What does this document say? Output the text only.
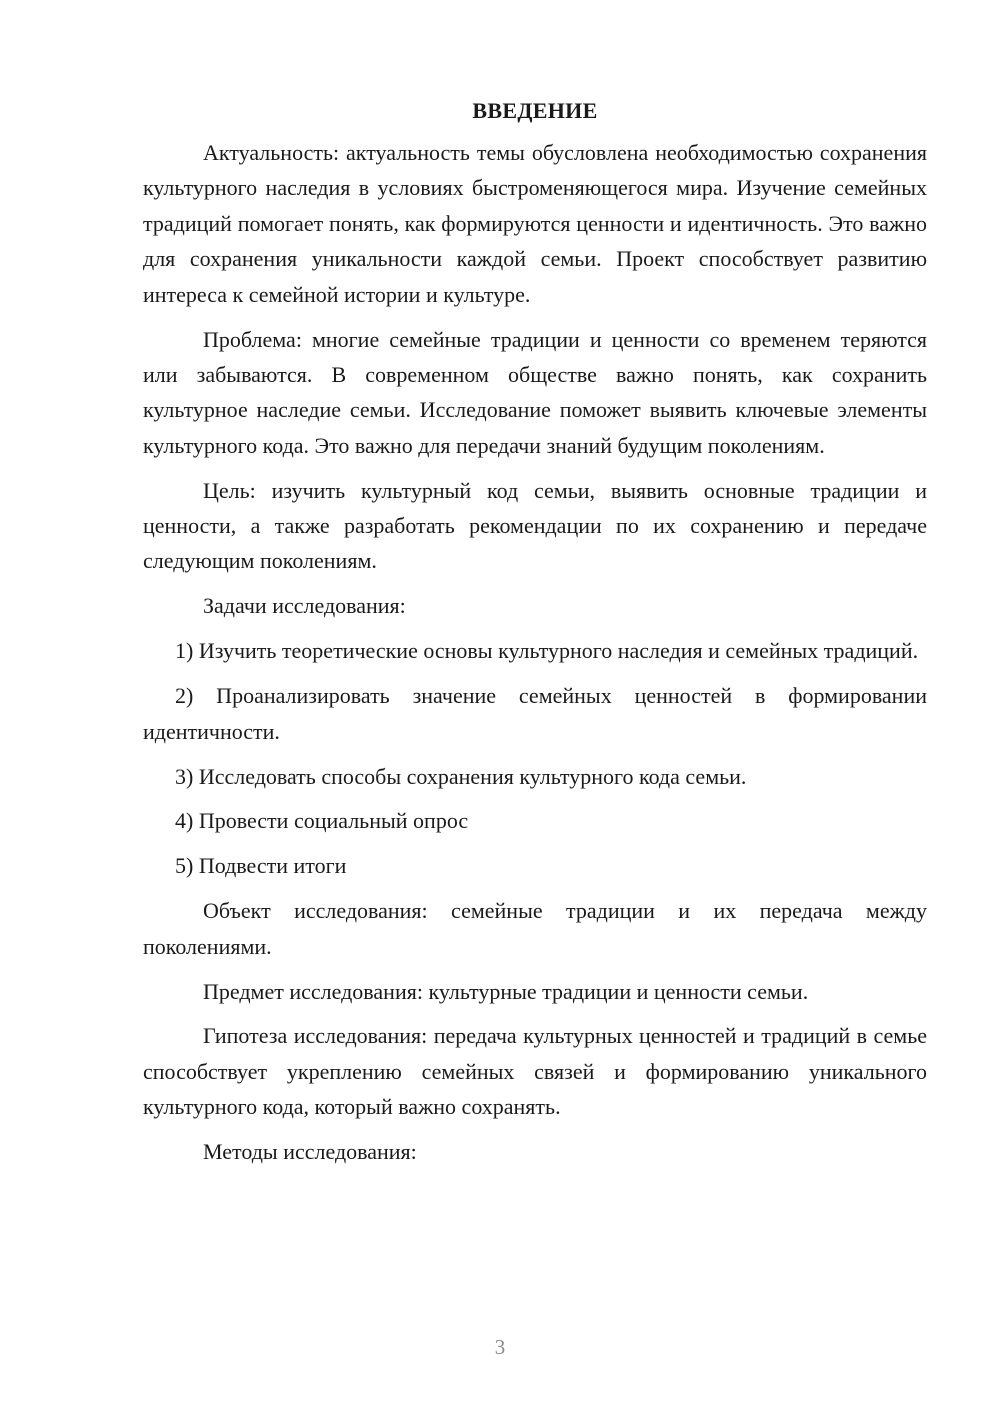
ВВЕДЕНИЕ

Актуальность: актуальность темы обусловлена необходимостью сохранения культурного наследия в условиях быстроменяющегося мира. Изучение семейных традиций помогает понять, как формируются ценности и идентичность. Это важно для сохранения уникальности каждой семьи. Проект способствует развитию интереса к семейной истории и культуре.

Проблема: многие семейные традиции и ценности со временем теряются или забываются. В современном обществе важно понять, как сохранить культурное наследие семьи. Исследование поможет выявить ключевые элементы культурного кода. Это важно для передачи знаний будущим поколениям.

Цель: изучить культурный код семьи, выявить основные традиции и ценности, а также разработать рекомендации по их сохранению и передаче следующим поколениям.

Задачи исследования:

1) Изучить теоретические основы культурного наследия и семейных традиций.

2) Проанализировать значение семейных ценностей в формировании идентичности.

3) Исследовать способы сохранения культурного кода семьи.

4) Провести социальный опрос

5) Подвести итоги

Объект исследования: семейные традиции и их передача между поколениями.

Предмет исследования: культурные традиции и ценности семьи.

Гипотеза исследования: передача культурных ценностей и традиций в семье способствует укреплению семейных связей и формированию уникального культурного кода, который важно сохранять.

Методы исследования:

3
